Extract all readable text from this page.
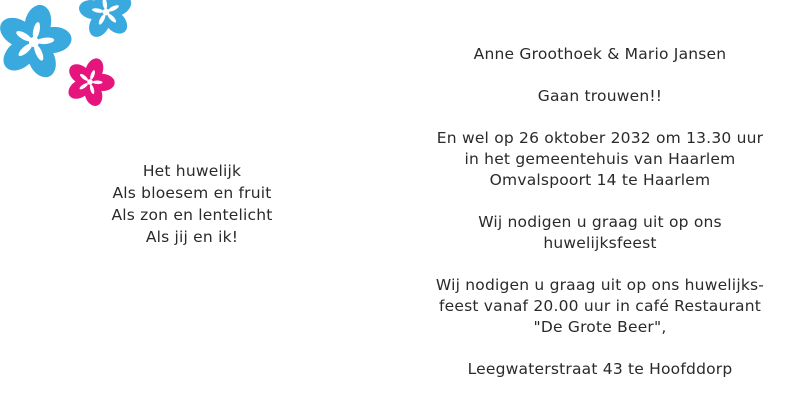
Het huwelijk
Als bloesem en fruit
Als zon en lentelicht
Als jij en ik!
Anne Groothoek & Mario Jansen
Gaan trouwen!!
En wel op 26 oktober 2032 om 13.30 uur
in het gemeentehuis van Haarlem
Omvalspoort 14 te Haarlem
Wij nodigen u graag uit op ons
huwelijksfeest
Wij nodigen u graag uit op ons huwelijks-
feest vanaf 20.00 uur in café Restaurant
"De Grote Beer",
Leegwaterstraat 43 te Hoofddorp
